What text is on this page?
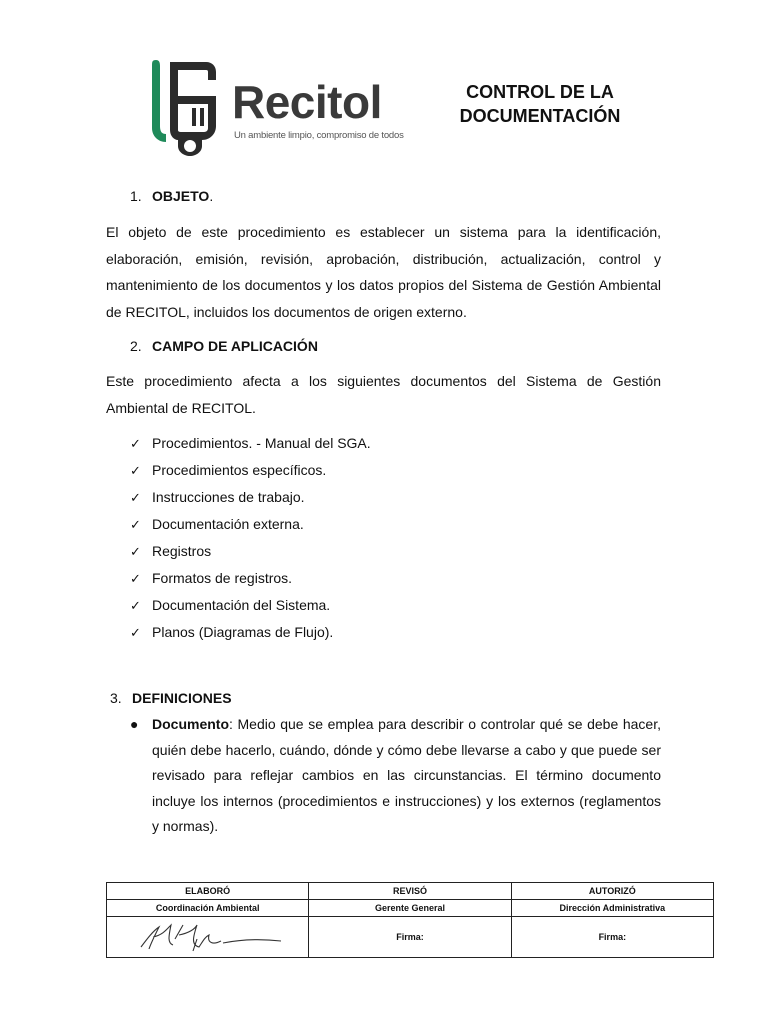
Recitol
Un ambiente limpio, compromiso de todos
CONTROL DE LA
DOCUMENTACIÓN
1. OBJETO.
El objeto de este procedimiento es establecer un sistema para la identificación, elaboración, emisión, revisión, aprobación, distribución, actualización, control y mantenimiento de los documentos y los datos propios del Sistema de Gestión Ambiental de RECITOL, incluidos los documentos de origen externo.
2. CAMPO DE APLICACIÓN
Este procedimiento afecta a los siguientes documentos del Sistema de Gestión Ambiental de RECITOL.
✓ Procedimientos. - Manual del SGA.
✓ Procedimientos específicos.
✓ Instrucciones de trabajo.
✓ Documentación externa.
✓ Registros
✓ Formatos de registros.
✓ Documentación del Sistema.
✓ Planos (Diagramas de Flujo).
3. DEFINICIONES
● Documento: Medio que se emplea para describir o controlar qué se debe hacer, quién debe hacerlo, cuándo, dónde y cómo debe llevarse a cabo y que puede ser revisado para reflejar cambios en las circunstancias. El término documento incluye los internos (procedimientos e instrucciones) y los externos (reglamentos y normas).
ELABORÓ	REVISÓ	AUTORIZÓ
Coordinación Ambiental	Gerente General	Dirección Administrativa
	Firma:	Firma:
